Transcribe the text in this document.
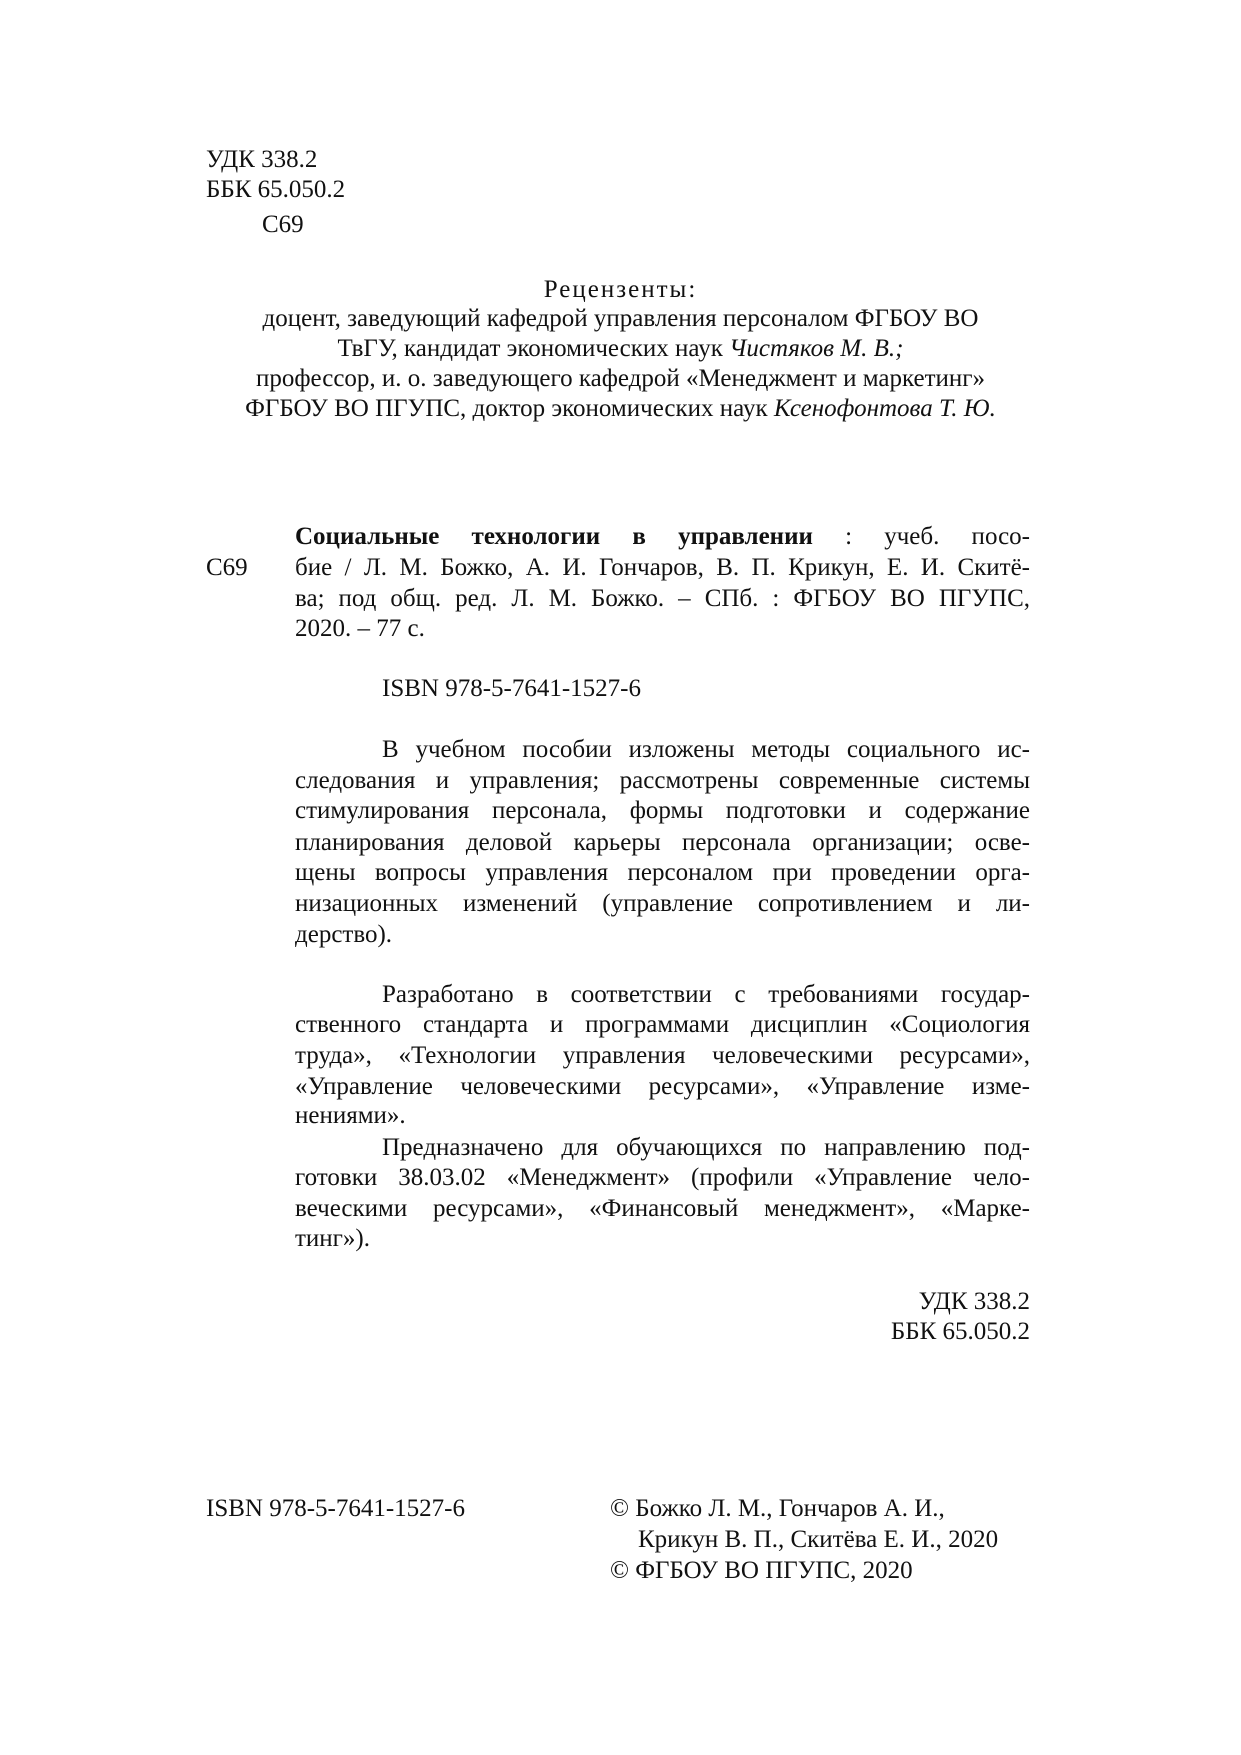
УДК 338.2
ББК 65.050.2
С69
Рецензенты:
доцент, заведующий кафедрой управления персоналом ФГБОУ ВО
ТвГУ, кандидат экономических наук Чистяков М. В.;
профессор, и. о. заведующего кафедрой «Менеджмент и маркетинг»
ФГБОУ ВО ПГУПС, доктор экономических наук Ксенофонтова Т. Ю.
С69
Социальные технологии в управлении : учеб. посо-
бие / Л. М. Божко, А. И. Гончаров, В. П. Крикун, Е. И. Скитё-
ва; под общ. ред. Л. М. Божко. – СПб. : ФГБОУ ВО ПГУПС,
2020. – 77 с.
ISBN 978-5-7641-1527-6
В учебном пособии изложены методы социального ис-
следования и управления; рассмотрены современные системы
стимулирования персонала, формы подготовки и содержание
планирования деловой карьеры персонала организации; осве-
щены вопросы управления персоналом при проведении орга-
низационных изменений (управление сопротивлением и ли-
дерство).
Разработано в соответствии с требованиями государ-
ственного стандарта и программами дисциплин «Социология
труда», «Технологии управления человеческими ресурсами»,
«Управление человеческими ресурсами», «Управление изме-
нениями».
Предназначено для обучающихся по направлению под-
готовки 38.03.02 «Менеджмент» (профили «Управление чело-
веческими ресурсами», «Финансовый менеджмент», «Марке-
тинг»).
УДК 338.2
ББК 65.050.2
ISBN 978-5-7641-1527-6	© Божко Л. М., Гончаров А. И.,
Крикун В. П., Скитёва Е. И., 2020
© ФГБОУ ВО ПГУПС, 2020
